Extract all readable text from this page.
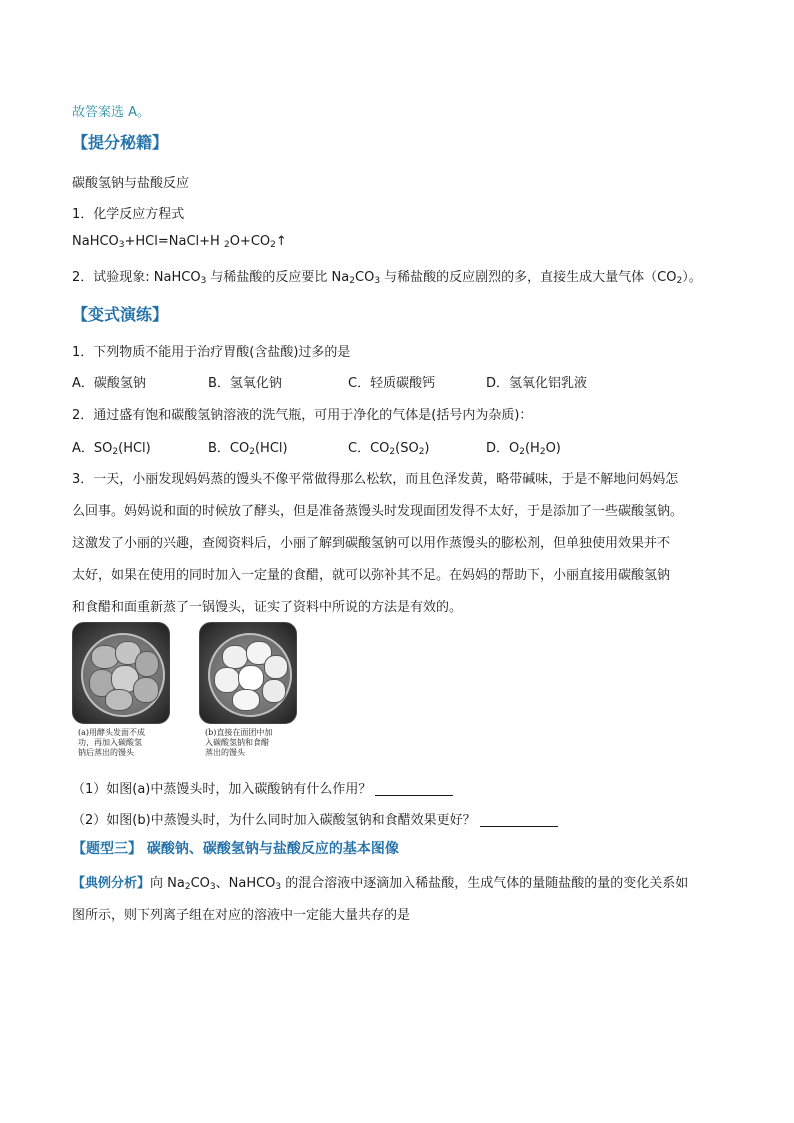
故答案选 A。
【提分秘籍】
碳酸氢钠与盐酸反应
1．化学反应方程式
NaHCO$_3$+HCl=NaCl+H $_2O+CO_2↑$
2．试验现象: NaHCO$_3$ 与稀盐酸的反应要比 $Na_2CO_3$ 与稀盐酸的反应剧烈的多，直接生成大量气体$(CO_2)$。
【变式演练】
1．下列物质不能用于治疗胃酸(含盐酸)过多的是
A．碳酸氢钠	B．氢氧化钠	C．轻质碳酸钙	D．氢氧化铝乳液
2．通过盛有饱和碳酸氢钠溶液的洗气瓶，可用于净化的气体是(括号内为杂质)：
A．$SO_2(HCl)$	B．$CO_2(HCl)$	C．$CO_2(SO_2)$	D．$O_2(H_2O)$
3．一天，小丽发现妈妈蒸的馒头不像平常做得那么松软，而且色泽发黄，略带碱味，于是不解地问妈妈怎
么回事。妈妈说和面的时候放了酵头，但是准备蒸馒头时发现面团发得不太好，于是添加了一些碳酸氢钠。
这激发了小丽的兴趣，查阅资料后，小丽了解到碳酸氢钠可以用作蒸馒头的膨松剂，但单独使用效果并不
太好，如果在使用的同时加入一定量的食醋，就可以弥补其不足。在妈妈的帮助下，小丽直接用碳酸氢钠
和食醋和面重新蒸了一锅馒头，证实了资料中所说的方法是有效的。
(a)用酵头发面不成
功，再加入碳酸氢
钠后蒸出的馒头
(b)直接在面团中加
入碳酸氢钠和食醋
蒸出的馒头
（1）如图(a)中蒸馒头时，加入碳酸钠有什么作用？
（2）如图(b)中蒸馒头时，为什么同时加入碳酸氢钠和食醋效果更好？
【题型三】 碳酸钠、碳酸氢钠与盐酸反应的基本图像
【典例分析】向 $Na_2CO_3$、NaHCO$_3$ 的混合溶液中逐滴加入稀盐酸，生成气体的量随盐酸的量的变化关系如
图所示，则下列离子组在对应的溶液中一定能大量共存的是
